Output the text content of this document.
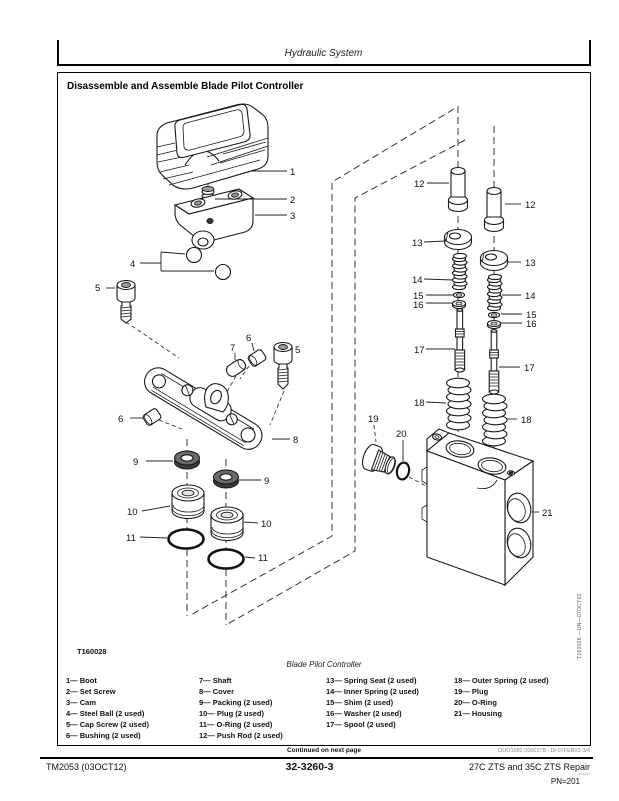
Hydraulic System
Disassemble and Assemble Blade Pilot Controller
1
2
3
4
5
7
6
5
6
8
9
9
10
10
11
11
12
12
13
13
14
14
15
15
16
16
17
17
18
18
19
20
21
T160028
Blade Pilot Controller
1— Boot
2— Set Screw
3— Cam
4— Steel Ball (2 used)
5— Cap Screw (2 used)
6— Bushing (2 used)
7— Shaft
8— Cover
9— Packing (2 used)
10— Plug (2 used)
11— O-Ring (2 used)
12— Push Rod (2 used)
13— Spring Seat (2 used)
14— Inner Spring (2 used)
15— Shim (2 used)
16— Washer (2 used)
17— Spool (2 used)
18— Outer Spring (2 used)
19— Plug
20— O-Ring
21— Housing
T160028 —UN—07OCT02
Continued on next page	OUO1082,000027B -19-07FEB03-3/4
TM2053 (03OCT12)	32-3260-3	27C ZTS and 35C ZTS Repair
100312
PN=201
